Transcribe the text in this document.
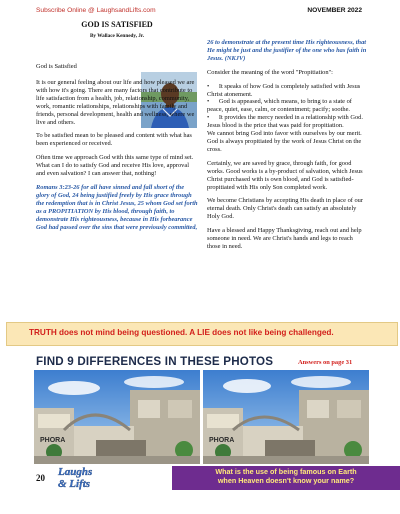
Subscribe Online @ LaughsandLifts.com	NOVEMBER 2022
GOD IS SATISFIED
By Wallace Kennedy, Jr.

God is Satisfied

It is our general feeling about our life and how pleased we are with how it's going. There are many factors that contribute to life satisfaction from a health, job, relationship, community, work, romantic relationships, relationships with family and friends, personal development, health and wellness, where we live and others.

To be satisfied mean to be pleased and content with what has been experienced or received.

Often time we approach God with this same type of mind set. What can I do to satisfy God and receive His love, approval and even salvation? I can answer that, nothing!

Romans 3:23-26 for all have sinned and fall short of the glory of God, 24 being justified freely by His grace through the redemption that is in Christ Jesus, 25 whom God set forth as a PROPITIATION by His blood, through faith, to demonstrate His righteousness, because in His forbearance God had passed over the sins that were previously committed,

26 to demonstrate at the present time His righteousness, that He might be just and the justifier of the one who has faith in Jesus. (NKJV)

Consider the meaning of the word "Propitiation":

•      It speaks of how God is completely satisfied with Jesus Christ atonement.
•      God is appeased, which means, to bring to a state of peace, quiet, ease, calm, or contentment; pacify; soothe.
•      It provides the mercy needed in a relationship with God. Jesus blood is the price that was paid for propitiation.

We cannot bring God into favor with ourselves by our merit. God is always propitiated by the work of Jesus Christ on the cross.

Certainly, we are saved by grace, through faith, for good works. Good works is a by-product of salvation, which Jesus Christ purchased with is own blood, and God is satisfied-propitiated with His only Son completed work.

We become Christians by accepting His death in place of our eternal death. Only Christ's death can satisfy an absolutely Holy God.

Have a blessed and Happy Thanksgiving, reach out and help someone in need. We are Christ's hands and legs to reach those in need.

TRUTH does not mind being questioned. A LIE does not like being challenged.
FIND 9 DIFFERENCES IN THESE PHOTOS	Answers on page 31
PHORA	PHORA
20 Laughs
& Lifts
What is the use of being famous on Earth
when Heaven doesn't know your name?
